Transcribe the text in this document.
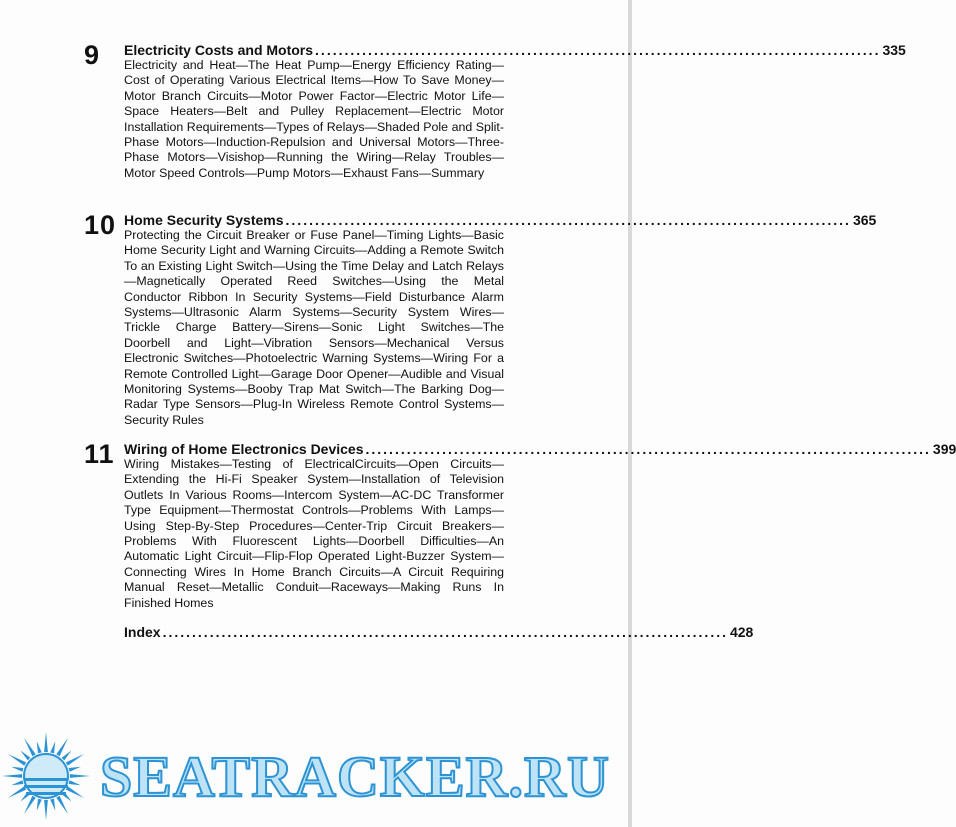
9 Electricity Costs and Motors ................................................................................................ 335
Electricity and Heat—The Heat Pump—Energy Efficiency Rating—Cost of Operating Various Electrical Items—How To Save Money—Motor Branch Circuits—Motor Power Factor—Electric Motor Life—Space Heaters—Belt and Pulley Replacement—Electric Motor Installation Requirements—Types of Relays—Shaded Pole and Split-Phase Motors—Induction-Repulsion and Universal Motors—Three-Phase Motors—Visishop—Running the Wiring—Relay Troubles—Motor Speed Controls—Pump Motors—Exhaust Fans—Summary
10 Home Security Systems ................................................................................................ 365
Protecting the Circuit Breaker or Fuse Panel—Timing Lights—Basic Home Security Light and Warning Circuits—Adding a Remote Switch To an Existing Light Switch—Using the Time Delay and Latch Relays—Magnetically Operated Reed Switches—Using the Metal Conductor Ribbon In Security Systems—Field Disturbance Alarm Systems—Ultrasonic Alarm Systems—Security System Wires—Trickle Charge Battery—Sirens—Sonic Light Switches—The Doorbell and Light—Vibration Sensors—Mechanical Versus Electronic Switches—Photoelectric Warning Systems—Wiring For a Remote Controlled Light—Garage Door Opener—Audible and Visual Monitoring Systems—Booby Trap Mat Switch—The Barking Dog—Radar Type Sensors—Plug-In Wireless Remote Control Systems—Security Rules
11 Wiring of Home Electronics Devices ................................................................................................ 399
Wiring Mistakes—Testing of ElectricalCircuits—Open Circuits—Extending the Hi-Fi Speaker System—Installation of Television Outlets In Various Rooms—Intercom System—AC-DC Transformer Type Equipment—Thermostat Controls—Problems With Lamps—Using Step-By-Step Procedures—Center-Trip Circuit Breakers—Problems With Fluorescent Lights—Doorbell Difficulties—An Automatic Light Circuit—Flip-Flop Operated Light-Buzzer System—Connecting Wires In Home Branch Circuits—A Circuit Requiring Manual Reset—Metallic Conduit—Raceways—Making Runs In Finished Homes
Index ................................................................................................ 428
SEATRACKER.RU
